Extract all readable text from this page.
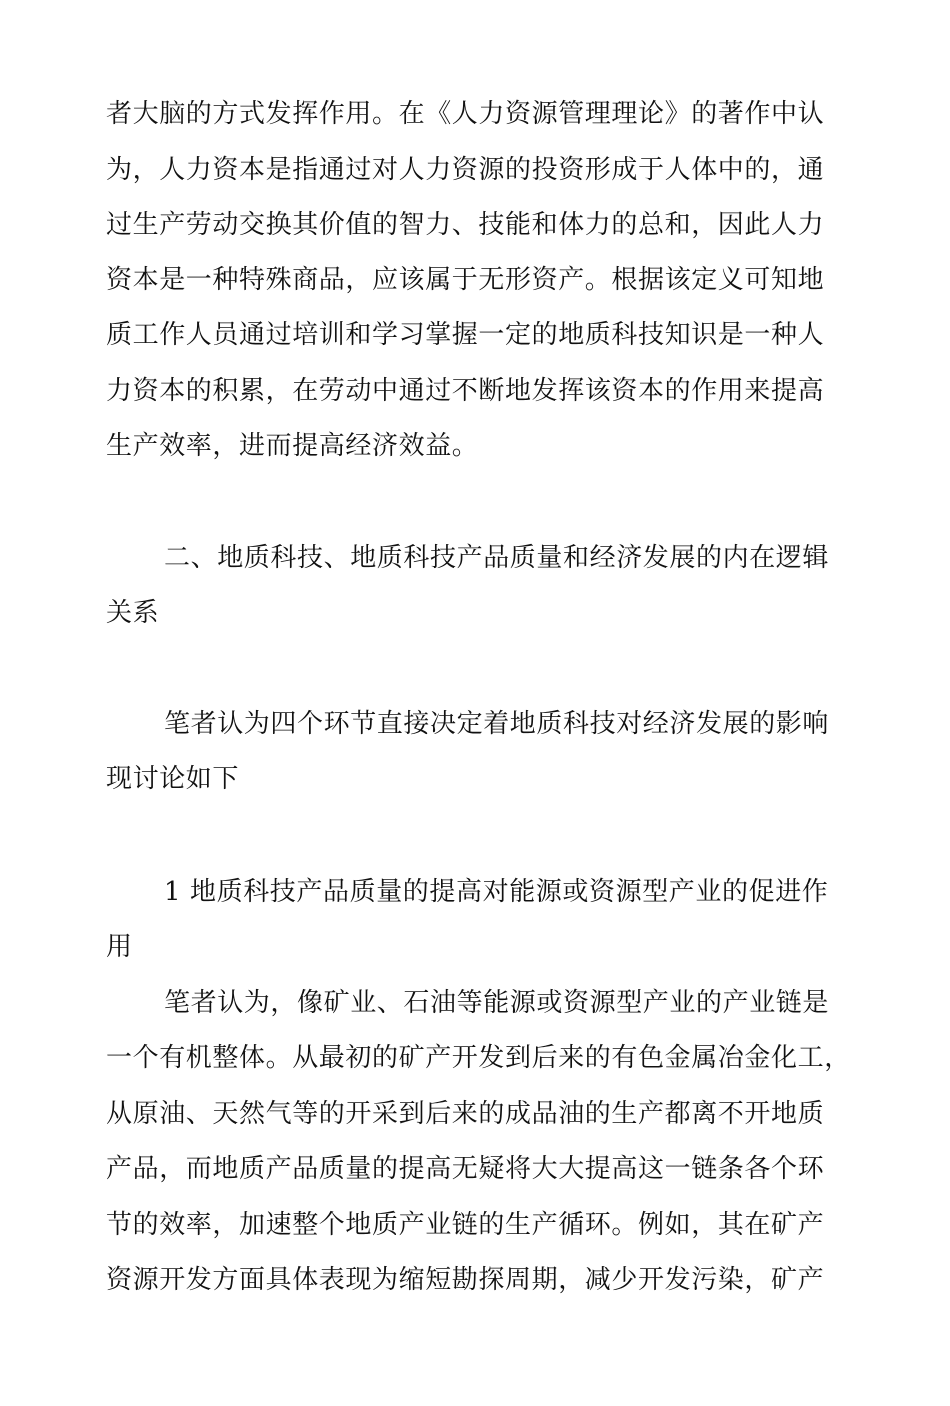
者大脑的方式发挥作用。在《人力资源管理理论》的著作中认
为，人力资本是指通过对人力资源的投资形成于人体中的，通
过生产劳动交换其价值的智力、技能和体力的总和，因此人力
资本是一种特殊商品，应该属于无形资产。根据该定义可知地
质工作人员通过培训和学习掌握一定的地质科技知识是一种人
力资本的积累，在劳动中通过不断地发挥该资本的作用来提高
生产效率，进而提高经济效益。
二、地质科技、地质科技产品质量和经济发展的内在逻辑
关系
笔者认为四个环节直接决定着地质科技对经济发展的影响
现讨论如下
1 地质科技产品质量的提高对能源或资源型产业的促进作
用
笔者认为，像矿业、石油等能源或资源型产业的产业链是
一个有机整体。从最初的矿产开发到后来的有色金属冶金化工，
从原油、天然气等的开采到后来的成品油的生产都离不开地质
产品，而地质产品质量的提高无疑将大大提高这一链条各个环
节的效率，加速整个地质产业链的生产循环。例如，其在矿产
资源开发方面具体表现为缩短勘探周期，减少开发污染，矿产
